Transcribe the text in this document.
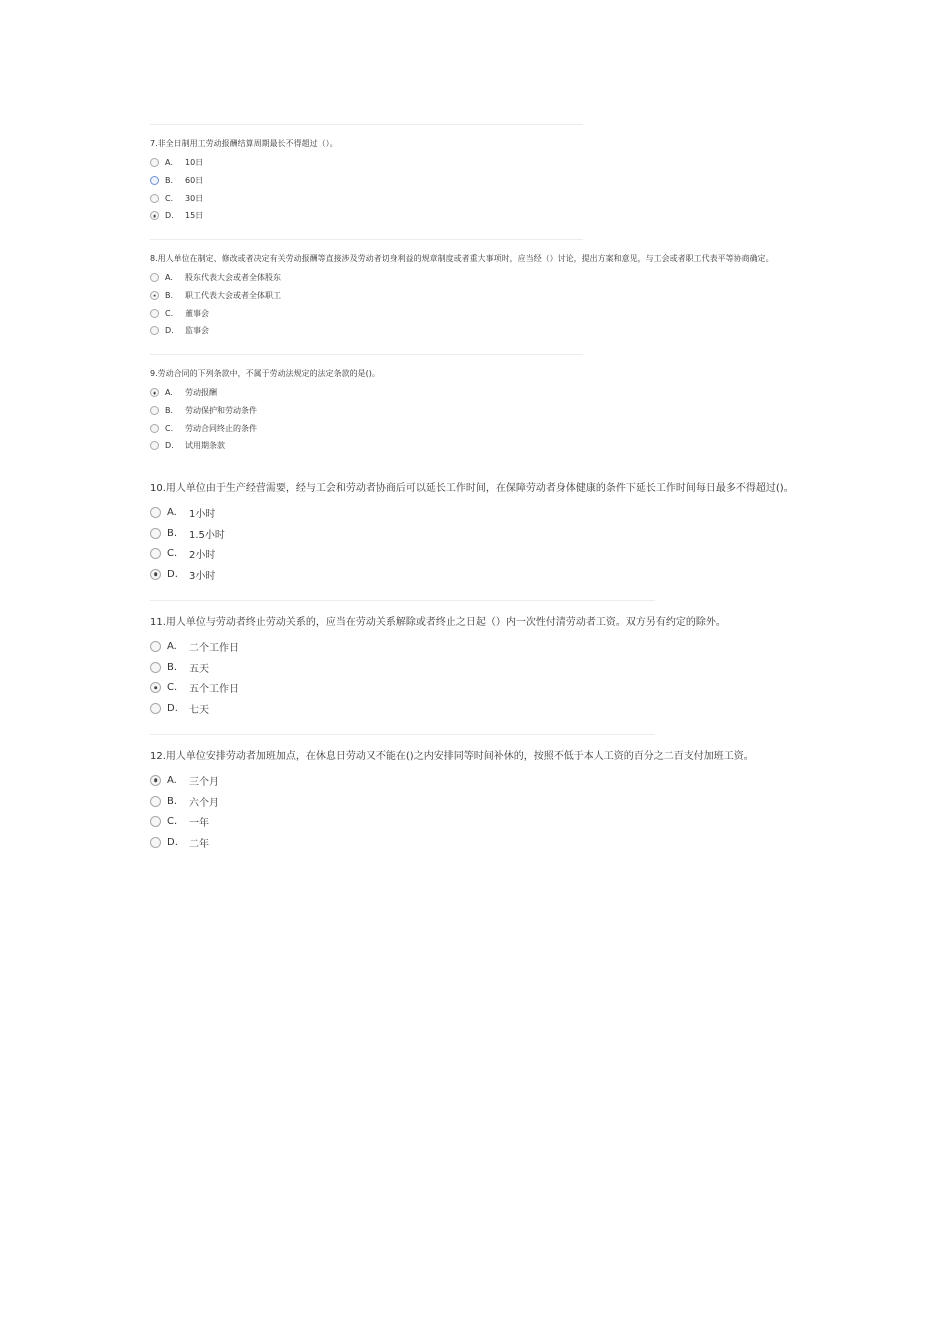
7.非全日制用工劳动报酬结算周期最长不得超过（）。

A.	10日
B.	60日
C.	30日
D.	15日

8.用人单位在制定、修改或者决定有关劳动报酬等直接涉及劳动者切身利益的规章制度或者重大事项时，应当经（）讨论，提出方案和意见，与工会或者职工代表平等协商确定。

A.	股东代表大会或者全体股东
B.	职工代表大会或者全体职工
C.	董事会
D.	监事会

9.劳动合同的下列条款中，不属于劳动法规定的法定条款的是()。

A.	劳动报酬
B.	劳动保护和劳动条件
C.	劳动合同终止的条件
D.	试用期条款

10.用人单位由于生产经营需要，经与工会和劳动者协商后可以延长工作时间，在保障劳动者身体健康的条件下延长工作时间每日最多不得超过()。

A.	1小时
B.	1.5小时
C.	2小时
D.	3小时

11.用人单位与劳动者终止劳动关系的，应当在劳动关系解除或者终止之日起（）内一次性付清劳动者工资。双方另有约定的除外。

A.	二个工作日
B.	五天
C.	五个工作日
D.	七天

12.用人单位安排劳动者加班加点，在休息日劳动又不能在()之内安排同等时间补休的，按照不低于本人工资的百分之二百支付加班工资。

A.	三个月
B.	六个月
C.	一年
D.	二年
